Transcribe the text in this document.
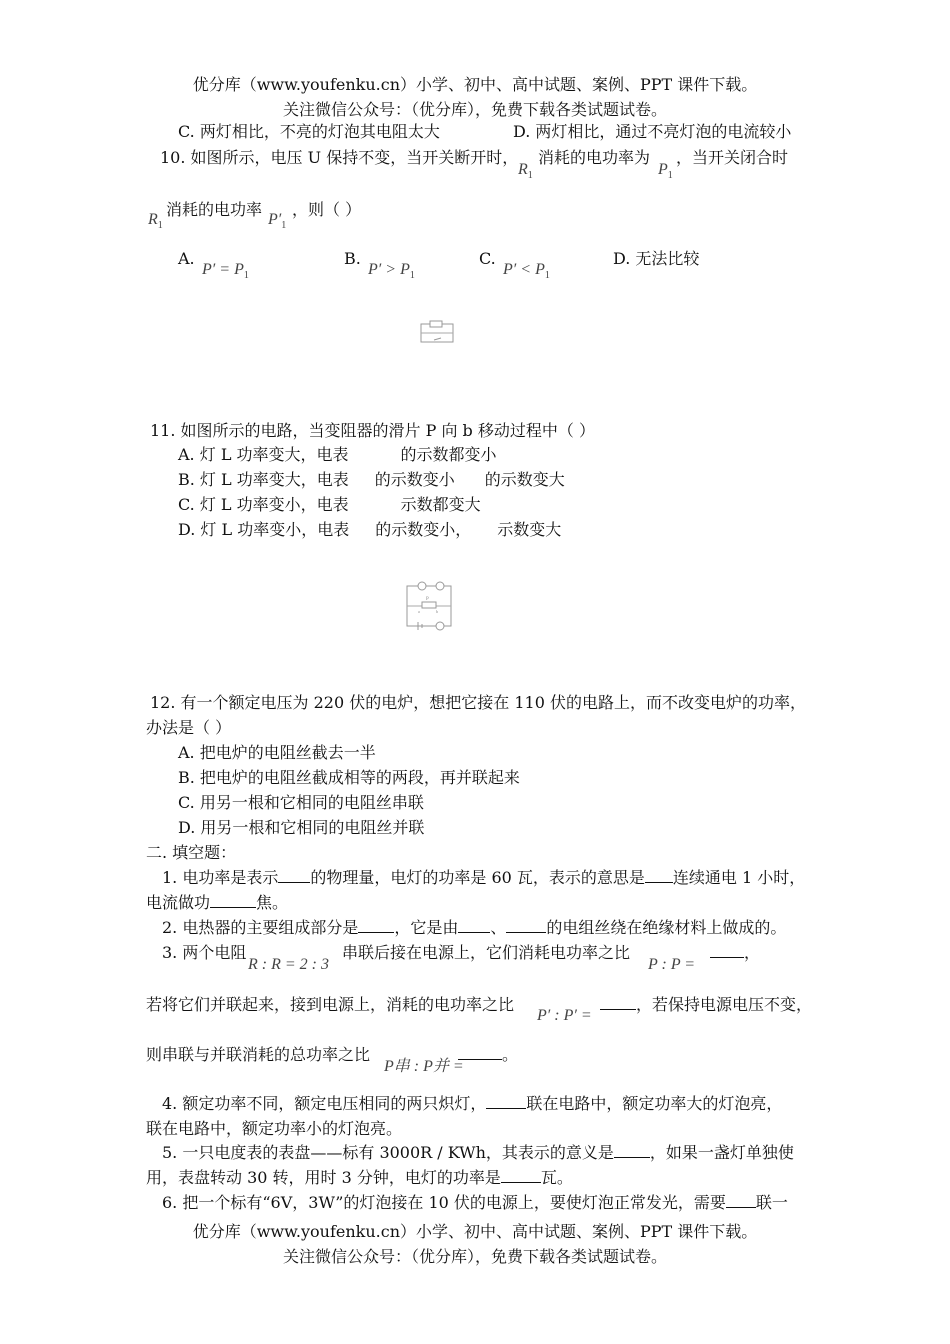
优分库（www.youfenku.cn）小学、初中、高中试题、案例、PPT 课件下载。
关注微信公众号：（优分库），免费下载各类试题试卷。
C. 两灯相比，不亮的灯泡其电阻太大	D. 两灯相比，通过不亮灯泡的电流较小
10. 如图所示，电压 U 保持不变，当开关断开时，
$R_1$
消耗的电功率为
$P_1$
，当开关闭合时
$R_1$
消耗的电功率
$P'_1$
，则（ ）
A.
$P' = P_1$
B.
$P' > P_1$
C.
$P' < P_1$
D. 无法比较
11. 如图所示的电路，当变阻器的滑片 P 向 b 移动过程中（ ）
A. 灯 L 功率变大，电表	的示数都变小
B. 灯 L 功率变大，电表 的示数变小 的示数变大
C. 灯 L 功率变小，电表	示数都变大
D. 灯 L 功率变小，电表 的示数变小， 示数变大
P
a	b
12. 有一个额定电压为 220 伏的电炉，想把它接在 110 伏的电路上，而不改变电炉的功率，
办法是（ ）
A. 把电炉的电阻丝截去一半
B. 把电炉的电阻丝截成相等的两段，再并联起来
C. 用另一根和它相同的电阻丝串联
D. 用另一根和它相同的电阻丝并联
二. 填空题：
1. 电功率是表示 的物理量，电灯的功率是 60 瓦，表示的意思是 连续通电 1 小时，
电流做功	焦。
2. 电热器的主要组成部分是 ，它是由 、	的电组丝绕在绝缘材料上做成的。
3. 两个电阻
R : R = 2 : 3
串联后接在电源上，它们消耗电功率之比
P : P =
，
若将它们并联起来，接到电源上，消耗的电功率之比
P′ : P′ =
，若保持电源电压不变，
则串联与并联消耗的总功率之比
P串 : P并 =
。
4. 额定功率不同，额定电压相同的两只炽灯，	联在电路中，额定功率大的灯泡亮，
联在电路中，额定功率小的灯泡亮。
5. 一只电度表的表盘——标有 3000R / KWh，其表示的意义是 ，如果一盏灯单独使
用，表盘转动 30 转，用时 3 分钟，电灯的功率是	瓦。
6. 把一个标有“6V，3W”的灯泡接在 10 伏的电源上，要使灯泡正常发光，需要 联一
优分库（www.youfenku.cn）小学、初中、高中试题、案例、PPT 课件下载。
关注微信公众号：（优分库），免费下载各类试题试卷。
